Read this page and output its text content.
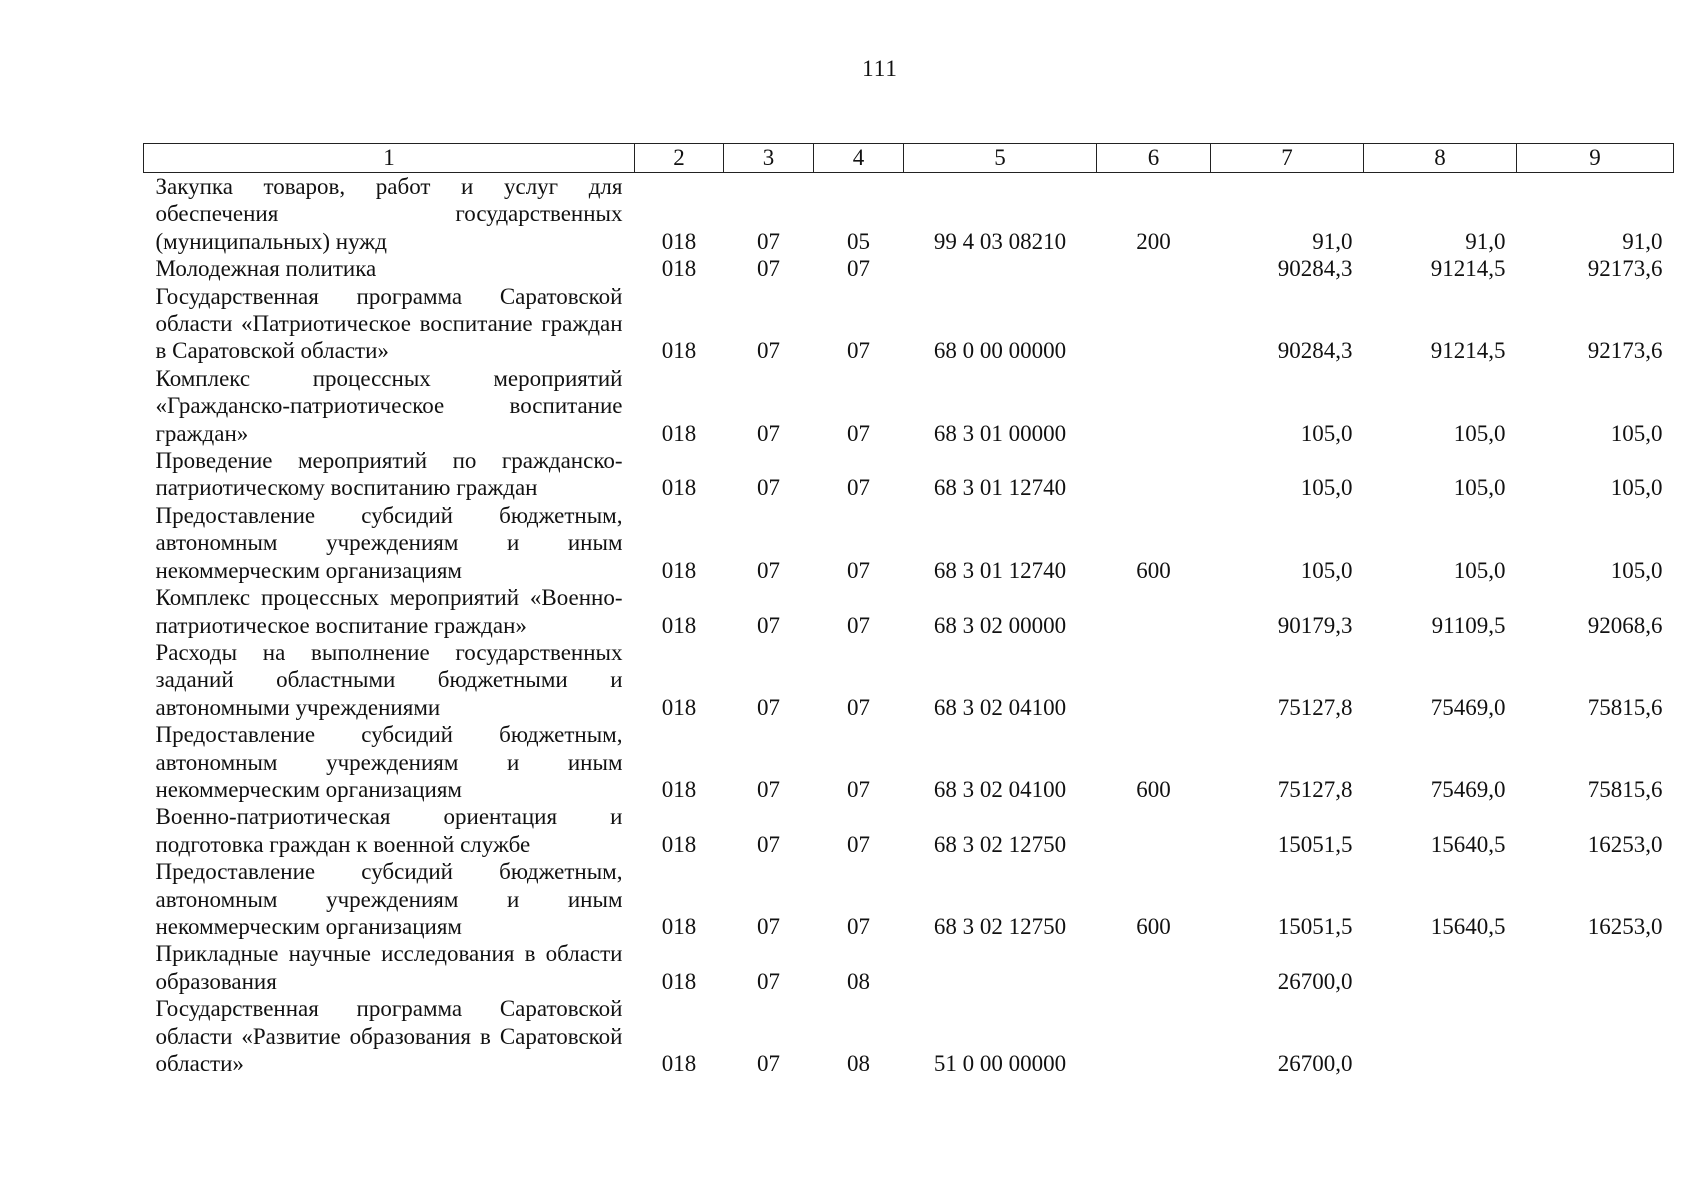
111
1	2	3	4	5	6	7	8	9
Закупка товаров, работ и услуг для обеспечения государственных (муниципальных) нужд	018	07	05	99 4 03 08210	200	91,0	91,0	91,0
Молодежная политика	018	07	07			90284,3	91214,5	92173,6
Государственная программа Саратовской области «Патриотическое воспитание граждан в Саратовской области»	018	07	07	68 0 00 00000		90284,3	91214,5	92173,6
Комплекс процессных мероприятий «Гражданско-патриотическое воспитание граждан»	018	07	07	68 3 01 00000		105,0	105,0	105,0
Проведение мероприятий по гражданско-патриотическому воспитанию граждан	018	07	07	68 3 01 12740		105,0	105,0	105,0
Предоставление субсидий бюджетным, автономным учреждениям и иным некоммерческим организациям	018	07	07	68 3 01 12740	600	105,0	105,0	105,0
Комплекс процессных мероприятий «Военно-патриотическое воспитание граждан»	018	07	07	68 3 02 00000		90179,3	91109,5	92068,6
Расходы на выполнение государственных заданий областными бюджетными и автономными учреждениями	018	07	07	68 3 02 04100		75127,8	75469,0	75815,6
Предоставление субсидий бюджетным, автономным учреждениям и иным некоммерческим организациям	018	07	07	68 3 02 04100	600	75127,8	75469,0	75815,6
Военно-патриотическая ориентация и подготовка граждан к военной службе	018	07	07	68 3 02 12750		15051,5	15640,5	16253,0
Предоставление субсидий бюджетным, автономным учреждениям и иным некоммерческим организациям	018	07	07	68 3 02 12750	600	15051,5	15640,5	16253,0
Прикладные научные исследования в области образования	018	07	08			26700,0		
Государственная программа Саратовской области «Развитие образования в Саратовской области»	018	07	08	51 0 00 00000		26700,0		
